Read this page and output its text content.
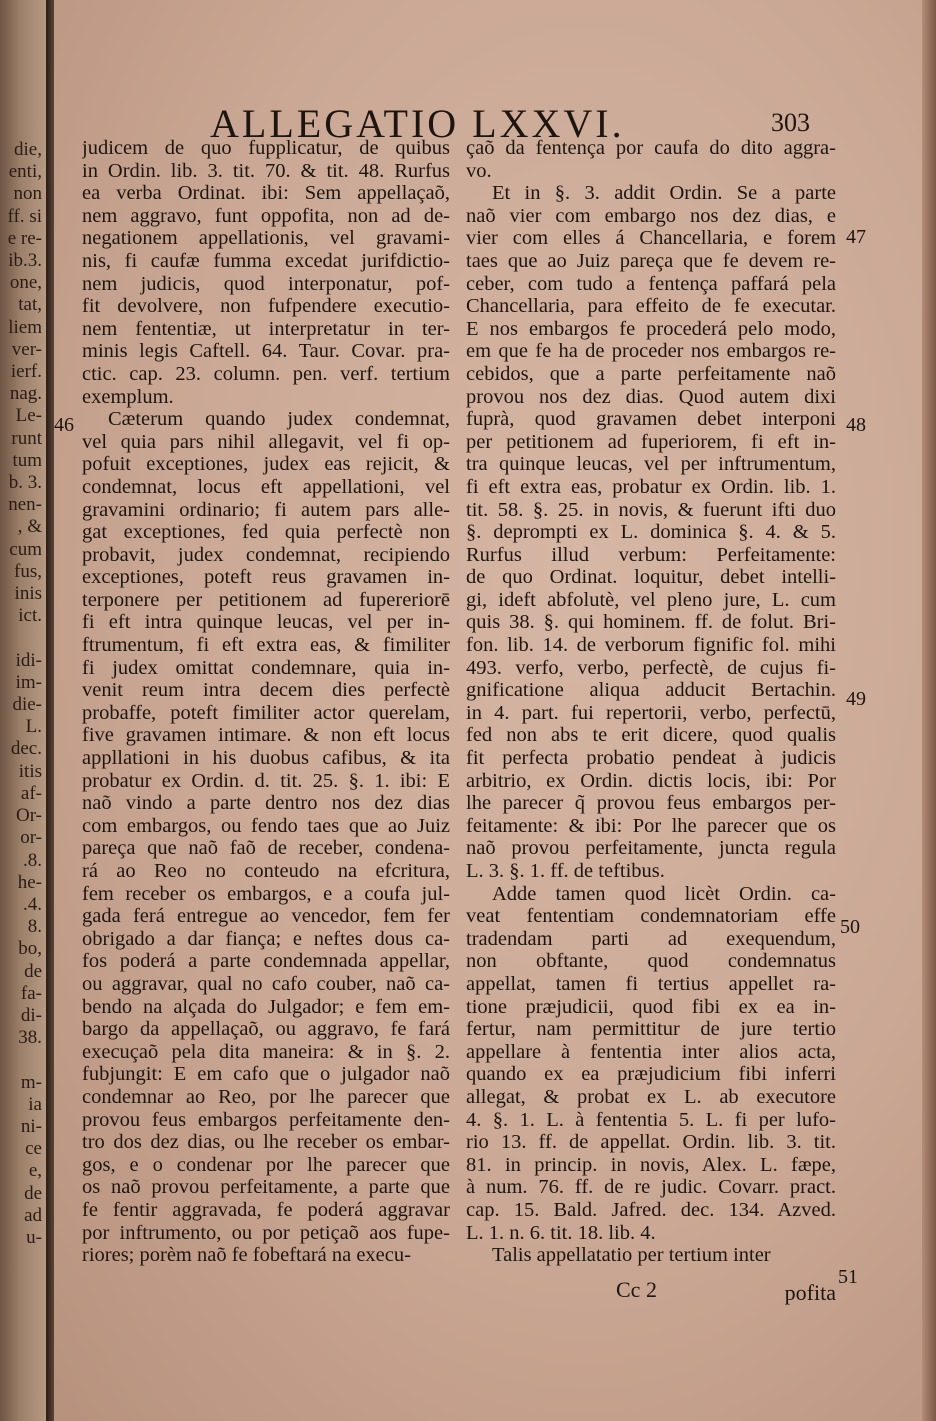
die,
enti,
non
ff. si
e re-
ib.3.
one,
tat,
liem
ver-
ierf.
nag.
Le-
runt
tum
b. 3.
nen-
, &
cum
fus,
inis
ict.

idi-
im-
die-
L.
dec.
itis
af-
Or-
or-
.8.
he-
.4.
8.
bo,
de
fa-
di-
38.

m-
ia
ni-
ce
e,
de
ad
u-
ALLEGATIO LXXVI.	303
judicem de quo fupplicatur, de quibus
in Ordin. lib. 3. tit. 70. & tit. 48. Rurfus
ea verba Ordinat. ibi: Sem appellaçaõ,
nem aggravo, funt oppofita, non ad de-
negationem appellationis, vel gravami-
nis, fi caufæ fumma excedat jurifdictio-
nem judicis, quod interponatur, pof-
fit devolvere, non fufpendere executio-
nem fententiæ, ut interpretatur in ter-
minis legis Caftell. 64. Taur. Covar. pra-
ctic. cap. 23. column. pen. verf. tertium
exemplum.
Cæterum quando judex condemnat,
vel quia pars nihil allegavit, vel fi op-
pofuit exceptiones, judex eas rejicit, &
condemnat, locus eft appellationi, vel
gravamini ordinario; fi autem pars alle-
gat exceptiones, fed quia perfectè non
probavit, judex condemnat, recipiendo
exceptiones, poteft reus gravamen in-
terponere per petitionem ad fupereriorē
fi eft intra quinque leucas, vel per in-
ftrumentum, fi eft extra eas, & fimiliter
fi judex omittat condemnare, quia in-
venit reum intra decem dies perfectè
probaffe, poteft fimiliter actor querelam,
five gravamen intimare. & non eft locus
appllationi in his duobus cafibus, & ita
probatur ex Ordin. d. tit. 25. §. 1. ibi: E
naõ vindo a parte dentro nos dez dias
com embargos, ou fendo taes que ao Juiz
pareça que naõ faõ de receber, condena-
rá ao Reo no conteudo na efcritura,
fem receber os embargos, e a coufa jul-
gada ferá entregue ao vencedor, fem fer
obrigado a dar fiança; e neftes dous ca-
fos poderá a parte condemnada appellar,
ou aggravar, qual no cafo couber, naõ ca-
bendo na alçada do Julgador; e fem em-
bargo da appellaçaõ, ou aggravo, fe fará
execuçaõ pela dita maneira: & in §. 2.
fubjungit: E em cafo que o julgador naõ
condemnar ao Reo, por lhe parecer que
provou feus embargos perfeitamente den-
tro dos dez dias, ou lhe receber os embar-
gos, e o condenar por lhe parecer que
os naõ provou perfeitamente, a parte que
fe fentir aggravada, fe poderá aggravar
por inftrumento, ou por petiçaõ aos fupe-
riores; porèm naõ fe fobeftará na execu-
çaõ da fentença por caufa do dito aggra-
vo.
Et in §. 3. addit Ordin. Se a parte
naõ vier com embargo nos dez dias, e
vier com elles á Chancellaria, e forem
taes que ao Juiz pareça que fe devem re-
ceber, com tudo a fentença paffará pela
Chancellaria, para effeito de fe executar.
E nos embargos fe procederá pelo modo,
em que fe ha de proceder nos embargos re-
cebidos, que a parte perfeitamente naõ
provou nos dez dias. Quod autem dixi
fuprà, quod gravamen debet interponi
per petitionem ad fuperiorem, fi eft in-
tra quinque leucas, vel per inftrumentum,
fi eft extra eas, probatur ex Ordin. lib. 1.
tit. 58. §. 25. in novis, & fuerunt ifti duo
§. deprompti ex L. dominica §. 4. & 5.
Rurfus illud verbum: Perfeitamente:
de quo Ordinat. loquitur, debet intelli-
gi, ideft abfolutè, vel pleno jure, L. cum
quis 38. §. qui hominem. ff. de folut. Bri-
fon. lib. 14. de verborum fignific fol. mihi
493. verfo, verbo, perfectè, de cujus fi-
gnificatione aliqua adducit Bertachin.
in 4. part. fui repertorii, verbo, perfectū,
fed non abs te erit dicere, quod qualis
fit perfecta probatio pendeat à judicis
arbitrio, ex Ordin. dictis locis, ibi: Por
lhe parecer q̃ provou feus embargos per-
feitamente: & ibi: Por lhe parecer que os
naõ provou perfeitamente, juncta regula
L. 3. §. 1. ff. de teftibus.
Adde tamen quod licèt Ordin. ca-
veat fententiam condemnatoriam effe
tradendam parti ad exequendum,
non obftante, quod condemnatus
appellat, tamen fi tertius appellet ra-
tione præjudicii, quod fibi ex ea in-
fertur, nam permittitur de jure tertio
appellare à fententia inter alios acta,
quando ex ea præjudicium fibi inferri
allegat, & probat ex L. ab executore
4. §. 1. L. à fententia 5. L. fi per lufo-
rio 13. ff. de appellat. Ordin. lib. 3. tit.
81. in princip. in novis, Alex. L. fæpe,
à num. 76. ff. de re judic. Covarr. pract.
cap. 15. Bald. Jafred. dec. 134. Azved.
L. 1. n. 6. tit. 18. lib. 4.
Talis appellatatio per tertium inter
46
47
48
49
50
51
Cc 2	pofita
